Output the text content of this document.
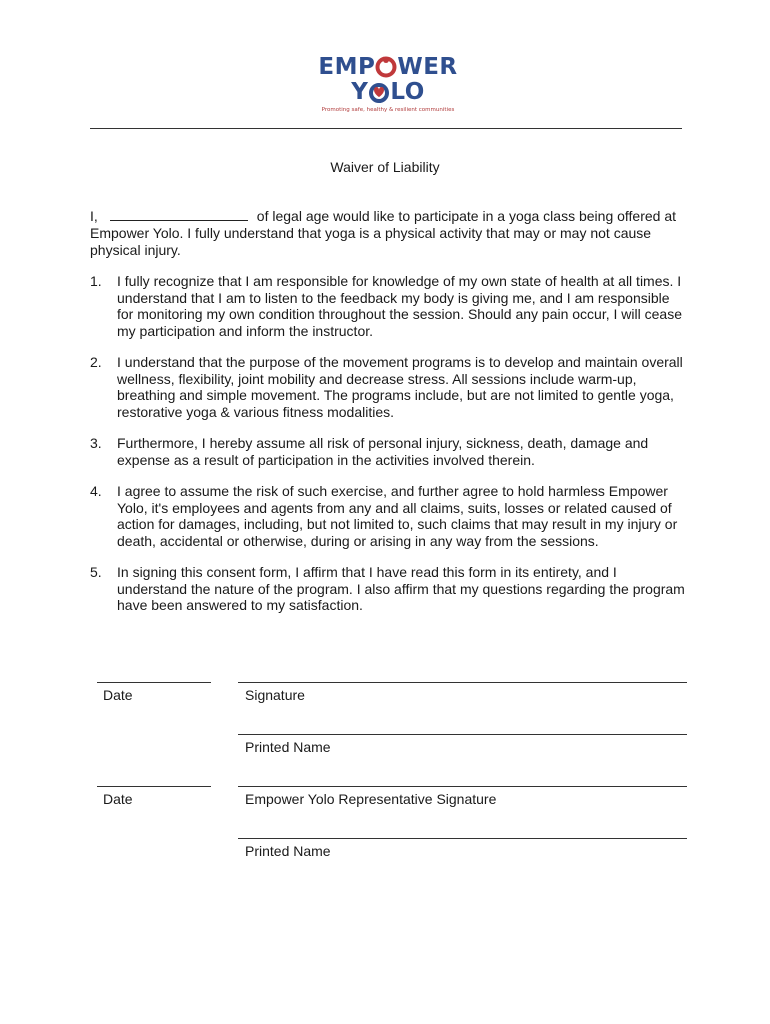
EMP WER
Y LO
Promoting safe, healthy & resilient communities
Waiver of Liability
I,	of legal age would like to participate in a yoga class being offered at Empower Yolo. I fully understand that yoga is a physical activity that may or may not cause physical injury.
1. I fully recognize that I am responsible for knowledge of my own state of health at all times. I understand that I am to listen to the feedback my body is giving me, and I am responsible for monitoring my own condition throughout the session. Should any pain occur, I will cease my participation and inform the instructor.
2. I understand that the purpose of the movement programs is to develop and maintain overall wellness, flexibility, joint mobility and decrease stress. All sessions include warm-up, breathing and simple movement. The programs include, but are not limited to gentle yoga, restorative yoga & various fitness modalities.
3. Furthermore, I hereby assume all risk of personal injury, sickness, death, damage and expense as a result of participation in the activities involved therein.
4. I agree to assume the risk of such exercise, and further agree to hold harmless Empower Yolo, it's employees and agents from any and all claims, suits, losses or related caused of action for damages, including, but not limited to, such claims that may result in my injury or death, accidental or otherwise, during or arising in any way from the sessions.
5. In signing this consent form, I affirm that I have read this form in its entirety, and I understand the nature of the program. I also affirm that my questions regarding the program have been answered to my satisfaction.
Date	Signature
Printed Name
Date	Empower Yolo Representative Signature
Printed Name
